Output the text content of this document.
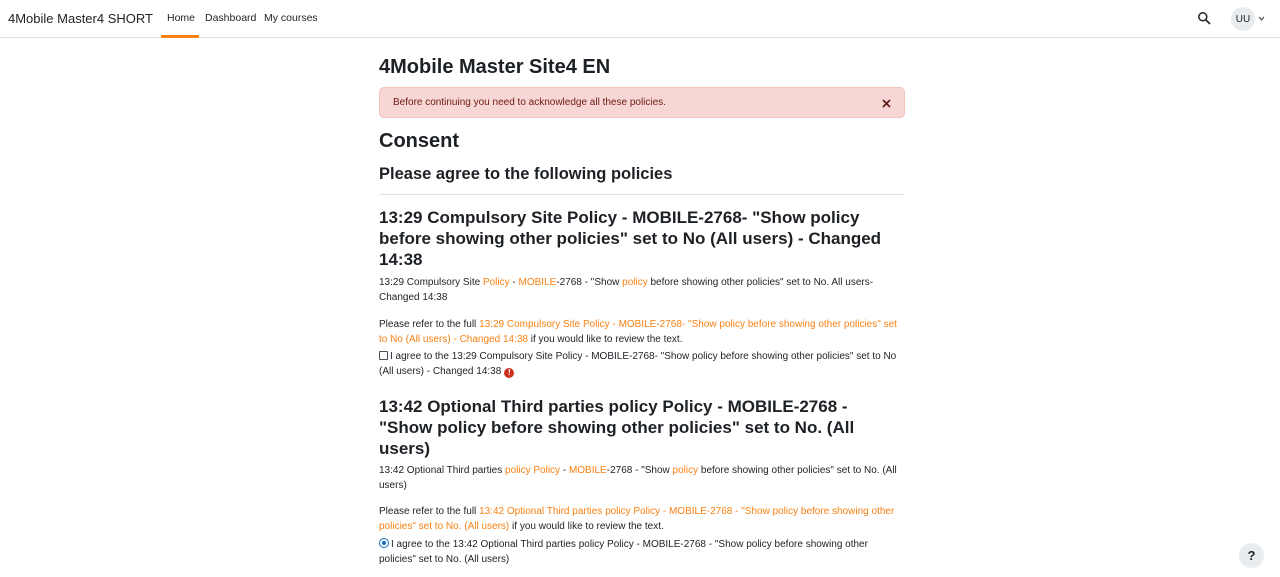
4Mobile Master4 SHORT Home Dashboard My courses	UU
4Mobile Master Site4 EN
Before continuing you need to acknowledge all these policies.
Consent
Please agree to the following policies
13:29 Compulsory Site Policy - MOBILE-2768- "Show policy before showing other policies" set to No (All users) - Changed 14:38
13:29 Compulsory Site Policy - MOBILE-2768 - "Show policy before showing other policies" set to No. All users- Changed 14:38
Please refer to the full 13:29 Compulsory Site Policy - MOBILE-2768- "Show policy before showing other policies" set to No (All users) - Changed 14:38 if you would like to review the text.
I agree to the 13:29 Compulsory Site Policy - MOBILE-2768- "Show policy before showing other policies" set to No (All users) - Changed 14:38 !
13:42 Optional Third parties policy Policy - MOBILE-2768 - "Show policy before showing other policies" set to No. (All users)
13:42 Optional Third parties policy Policy - MOBILE-2768 - "Show policy before showing other policies" set to No. (All users)
Please refer to the full 13:42 Optional Third parties policy Policy - MOBILE-2768 - "Show policy before showing other policies" set to No. (All users) if you would like to review the text.
I agree to the 13:42 Optional Third parties policy Policy - MOBILE-2768 - "Show policy before showing other policies" set to No. (All users)	?
